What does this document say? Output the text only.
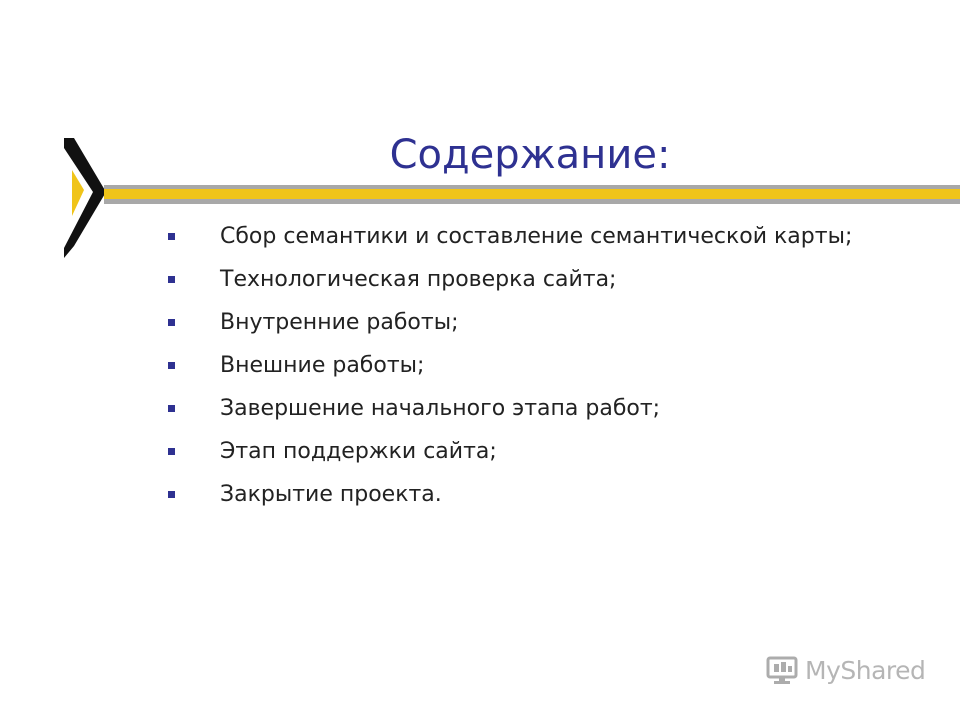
Содержание:
Сбор семантики и составление семантической карты;
Технологическая проверка сайта;
Внутренние работы;
Внешние работы;
Завершение начального этапа работ;
Этап поддержки сайта;
Закрытие проекта.
MyShared
